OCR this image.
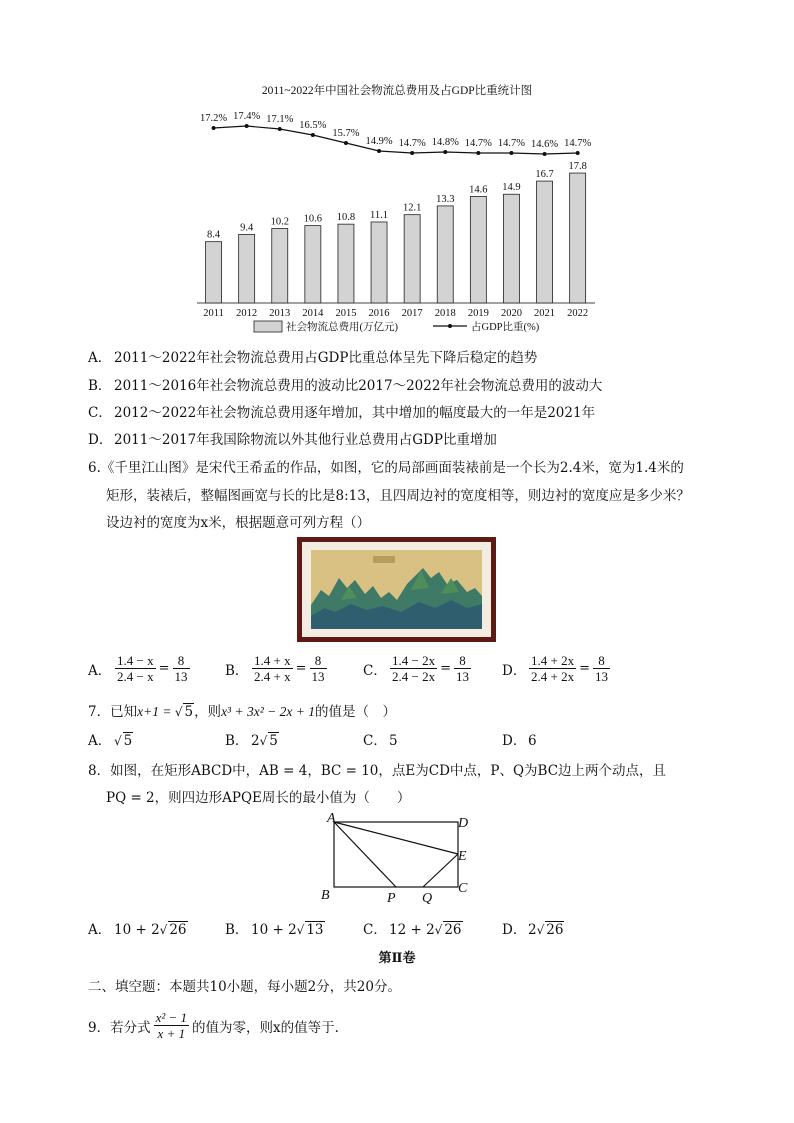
2011~2022年中国社会物流总费用及占GDP比重统计图
8.4
2011
9.4
2012
10.2
2013
10.6
2014
10.8
2015
11.1
2016
12.1
2017
13.3
2018
14.6
2019
14.9
2020
16.7
2021
17.8
2022
17.2% 17.4% 17.1%
16.5%
15.7%
14.9% 14.7% 14.8% 14.7% 14.7% 14.6% 14.7%
社会物流总费用(万亿元)	占GDP比重(%)
A． 2011～2022年社会物流总费用占GDP比重总体呈先下降后稳定的趋势
B． 2011～2016年社会物流总费用的波动比2017～2022年社会物流总费用的波动大
C． 2012～2022年社会物流总费用逐年增加，其中增加的幅度最大的一年是2021年
D． 2011～2017年我国除物流以外其他行业总费用占GDP比重增加
6.《千里江山图》是宋代王希孟的作品，如图，它的局部画面装裱前是一个长为2.4米，宽为1.4米的
矩形，装裱后，整幅图画宽与长的比是8:13，且四周边衬的宽度相等，则边衬的宽度应是多少米？
设边衬的宽度为x米，根据题意可列方程（）
A． $\frac{1.4 - x}{2.4 - x} = \frac{8}{13}$	B． $\frac{1.4 + x}{2.4 + x} = \frac{8}{13}$	C． $\frac{1.4 - 2x}{2.4 - 2x} = \frac{8}{13}$ D． $\frac{1.4 + 2x}{2.4 + 2x} = \frac{8}{13}$
7．已知x+1 = √ 5，则x³ + 3x² − 2x + 1的值是（　）
A． √ 5	B． 2√ 5	C． 5	D． 6
8．如图，在矩形ABCD中，AB = 4，BC = 10，点E为CD中点，P、Q为BC边上两个动点，且
PQ = 2，则四边形APQE周长的最小值为（　　）
A	D
E
B	P Q
C
A． 10 + 2√ 26	B． 10 + 2√ 13	C． 12 + 2√ 26	D． 2√ 26
第Ⅱ卷
二、填空题：本题共10小题，每小题2分，共20分。
9．若分式 $\frac{\text{x² − 1}}{x + 1}$ 的值为零，则x的值等于.
